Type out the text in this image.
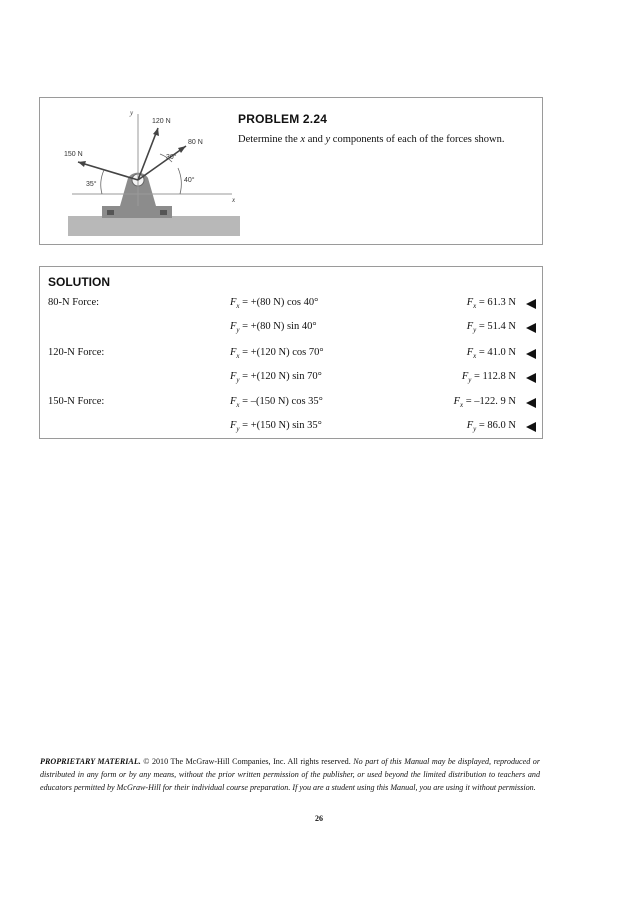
150 N
120 N
80 N
35°
30°
40°
y
x
PROBLEM 2.24
Determine the x and y components of each of the forces shown.
SOLUTION
80-N Force:	$F_x = +(80$ N) cos 40°	$F_x = 61.3$ N
$F_y = +(80$ N) sin 40°	$F_y = 51.4$ N
120-N Force:	$F_x = +(120$ N) cos 70°	$F_x = 41.0$ N
$F_y = +(120$ N) sin 70°	$F_y = 112.8$ N
150-N Force:	$F_x = -(150$ N) cos 35°	$F_x = -122$. 9 N
$F_y = +(150$ N) sin 35°	$F_y = 86.0$ N
PROPRIETARY MATERIAL. © 2010 The McGraw-Hill Companies, Inc. All rights reserved. No part of this Manual may be displayed, reproduced or distributed in any form or by any means, without the prior written permission of the publisher, or used beyond the limited distribution to teachers and educators permitted by McGraw-Hill for their individual course preparation. If you are a student using this Manual, you are using it without permission.
26
